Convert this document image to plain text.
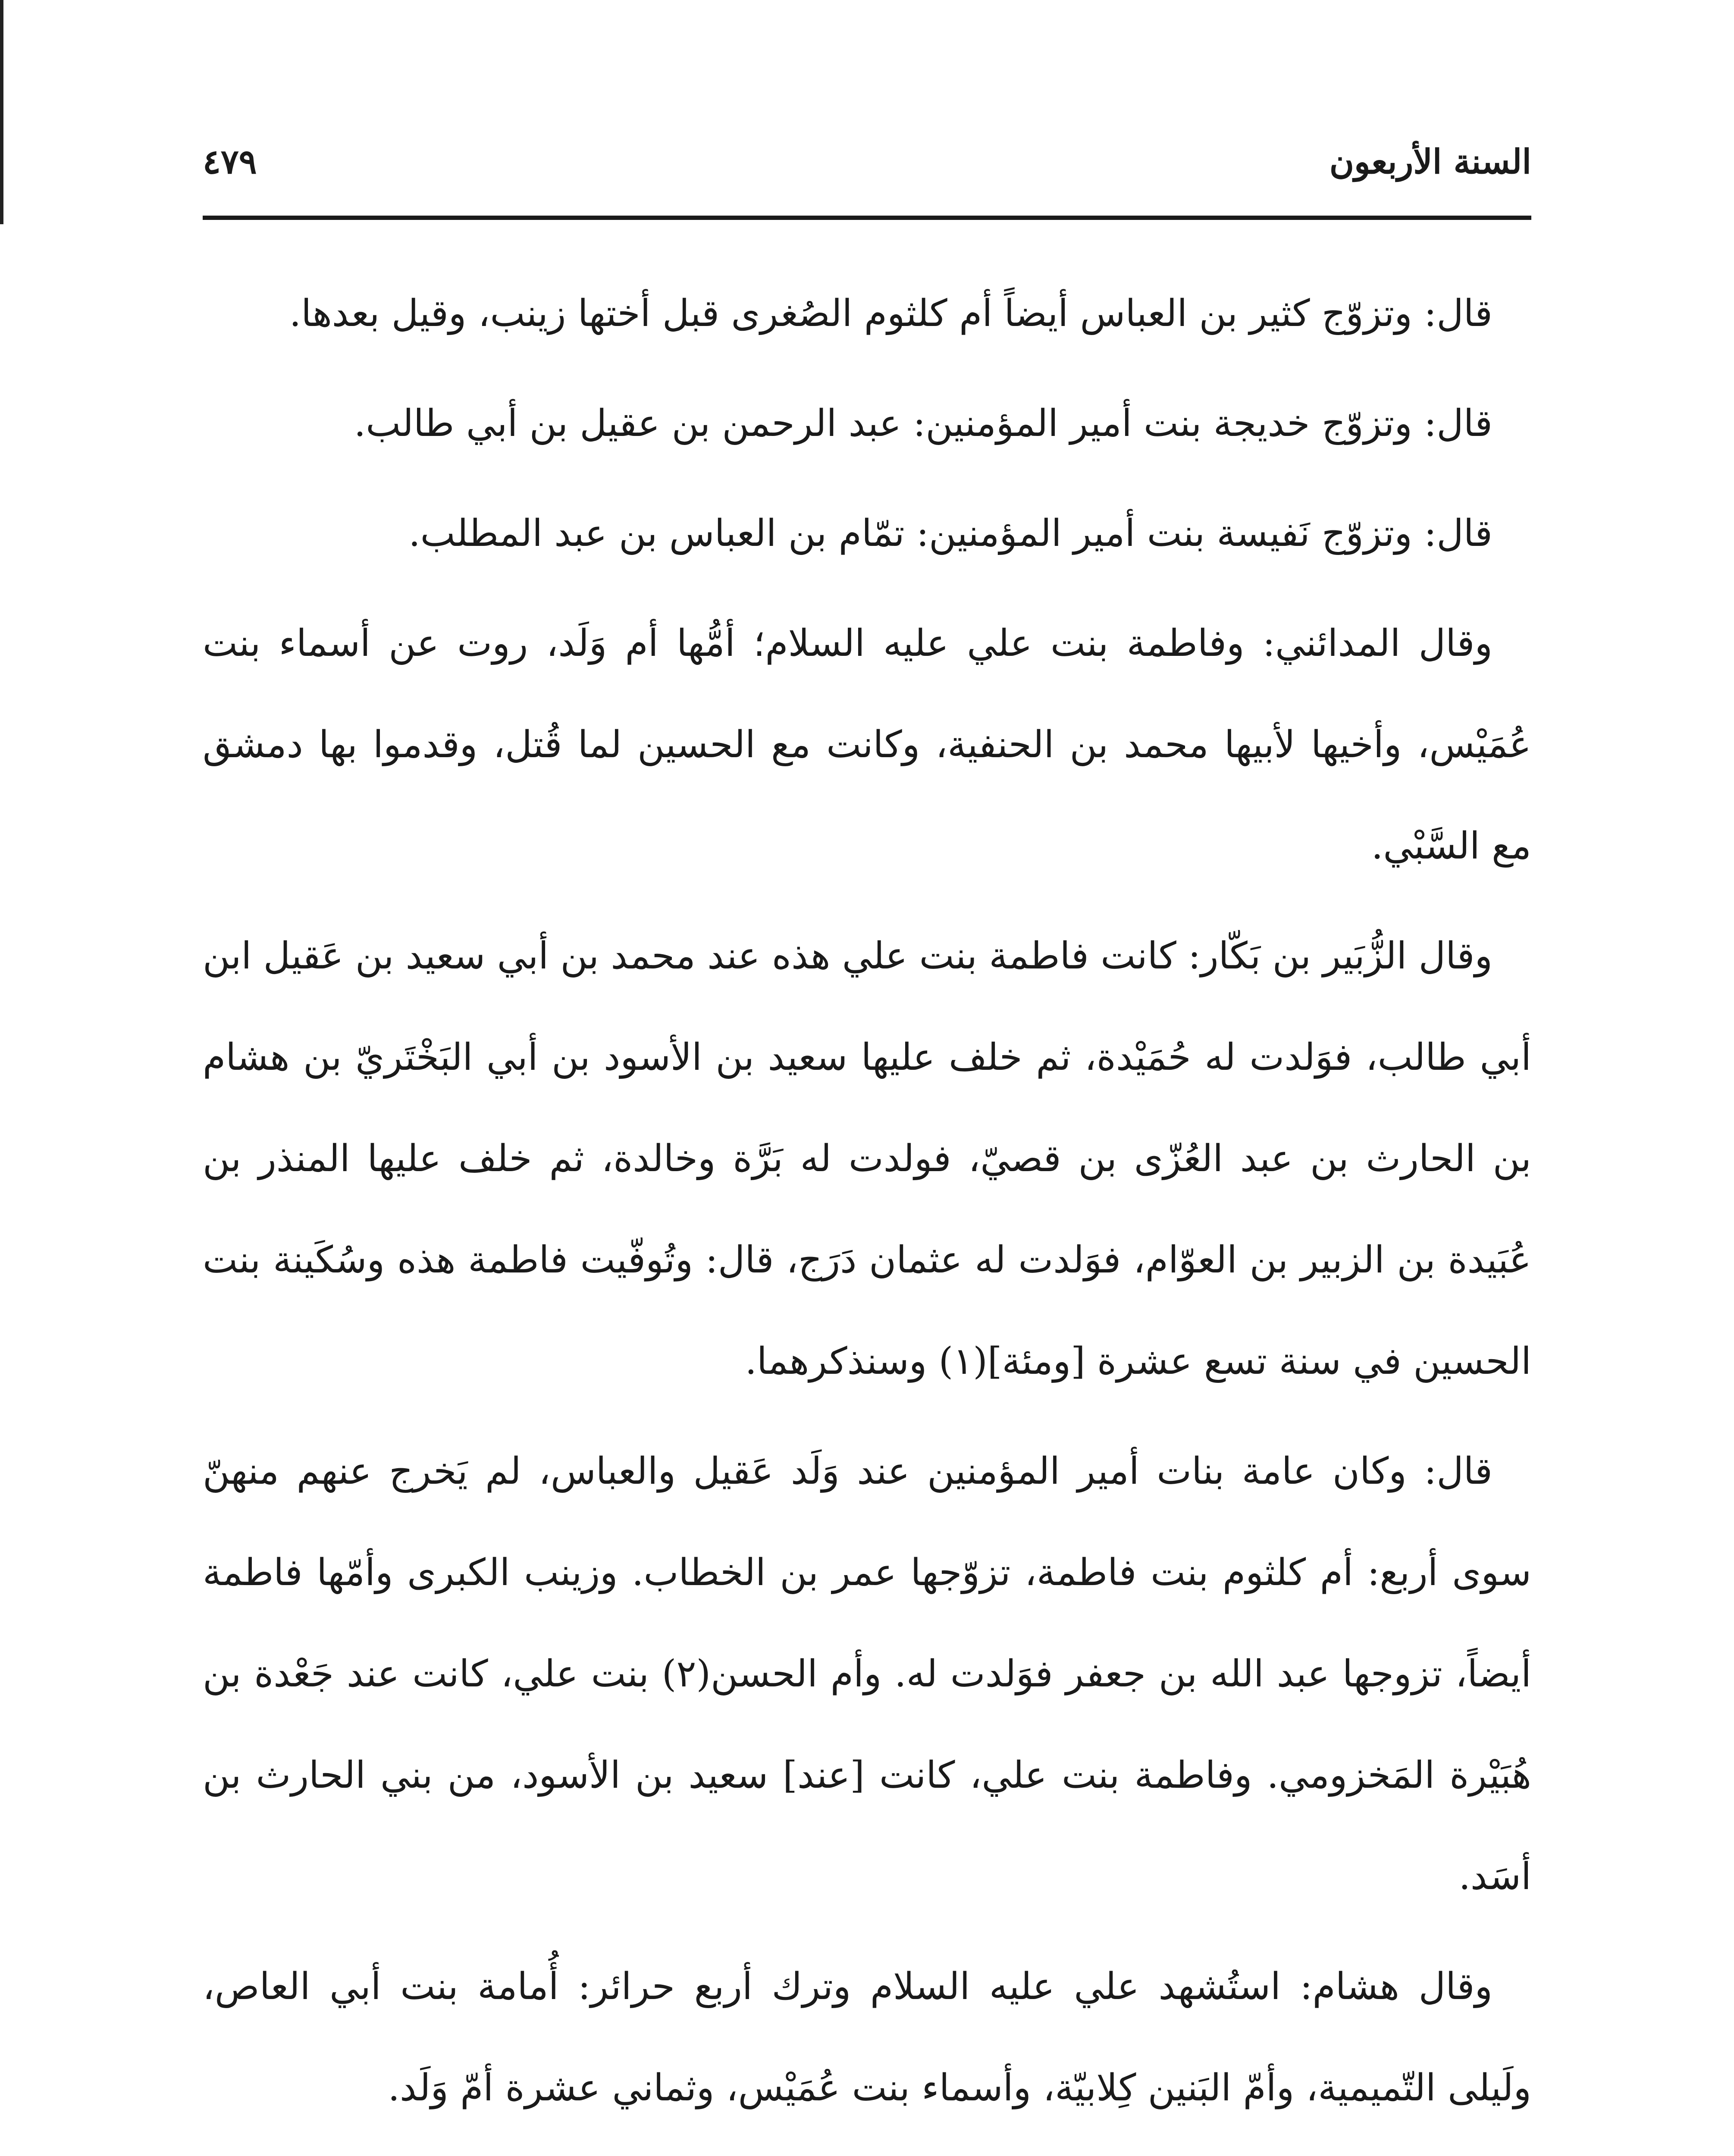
السنة الأربعون
٤٧٩

قال: وتزوّج كثير بن العباس أيضاً أم كلثوم الصُغرى قبل أختها زينب، وقيل بعدها.

قال: وتزوّج خديجة بنت أمير المؤمنين: عبد الرحمن بن عقيل بن أبي طالب.

قال: وتزوّج نَفيسة بنت أمير المؤمنين: تمّام بن العباس بن عبد المطلب.

وقال المدائني: وفاطمة بنت علي عليه السلام؛ أمُّها أم وَلَد، روت عن أسماء بنت عُمَيْس، وأخيها لأبيها محمد بن الحنفية، وكانت مع الحسين لما قُتل، وقدموا بها دمشق مع السَّبْي.

وقال الزُّبَير بن بَكّار: كانت فاطمة بنت علي هذه عند محمد بن أبي سعيد بن عَقيل ابن أبي طالب، فوَلدت له حُمَيْدة، ثم خلف عليها سعيد بن الأسود بن أبي البَخْتَريّ بن هشام بن الحارث بن عبد العُزّى بن قصيّ، فولدت له بَرَّة وخالدة، ثم خلف عليها المنذر بن عُبَيدة بن الزبير بن العوّام، فوَلدت له عثمان دَرَج، قال: وتُوفّيت فاطمة هذه وسُكَينة بنت الحسين في سنة تسع عشرة [ومئة](١) وسنذكرهما.

قال: وكان عامة بنات أمير المؤمنين عند وَلَد عَقيل والعباس، لم يَخرج عنهم منهنّ سوى أربع: أم كلثوم بنت فاطمة، تزوّجها عمر بن الخطاب. وزينب الكبرى وأمّها فاطمة أيضاً، تزوجها عبد الله بن جعفر فوَلدت له. وأم الحسن(٢) بنت علي، كانت عند جَعْدة بن هُبَيْرة المَخزومي. وفاطمة بنت علي، كانت [عند] سعيد بن الأسود، من بني الحارث بن أسَد.

وقال هشام: استُشهد علي عليه السلام وترك أربع حرائر: أُمامة بنت أبي العاص، ولَيلى التّميمية، وأمّ البَنين كِلابيّة، وأسماء بنت عُمَيْس، وثماني عشرة أمّ وَلَد.
